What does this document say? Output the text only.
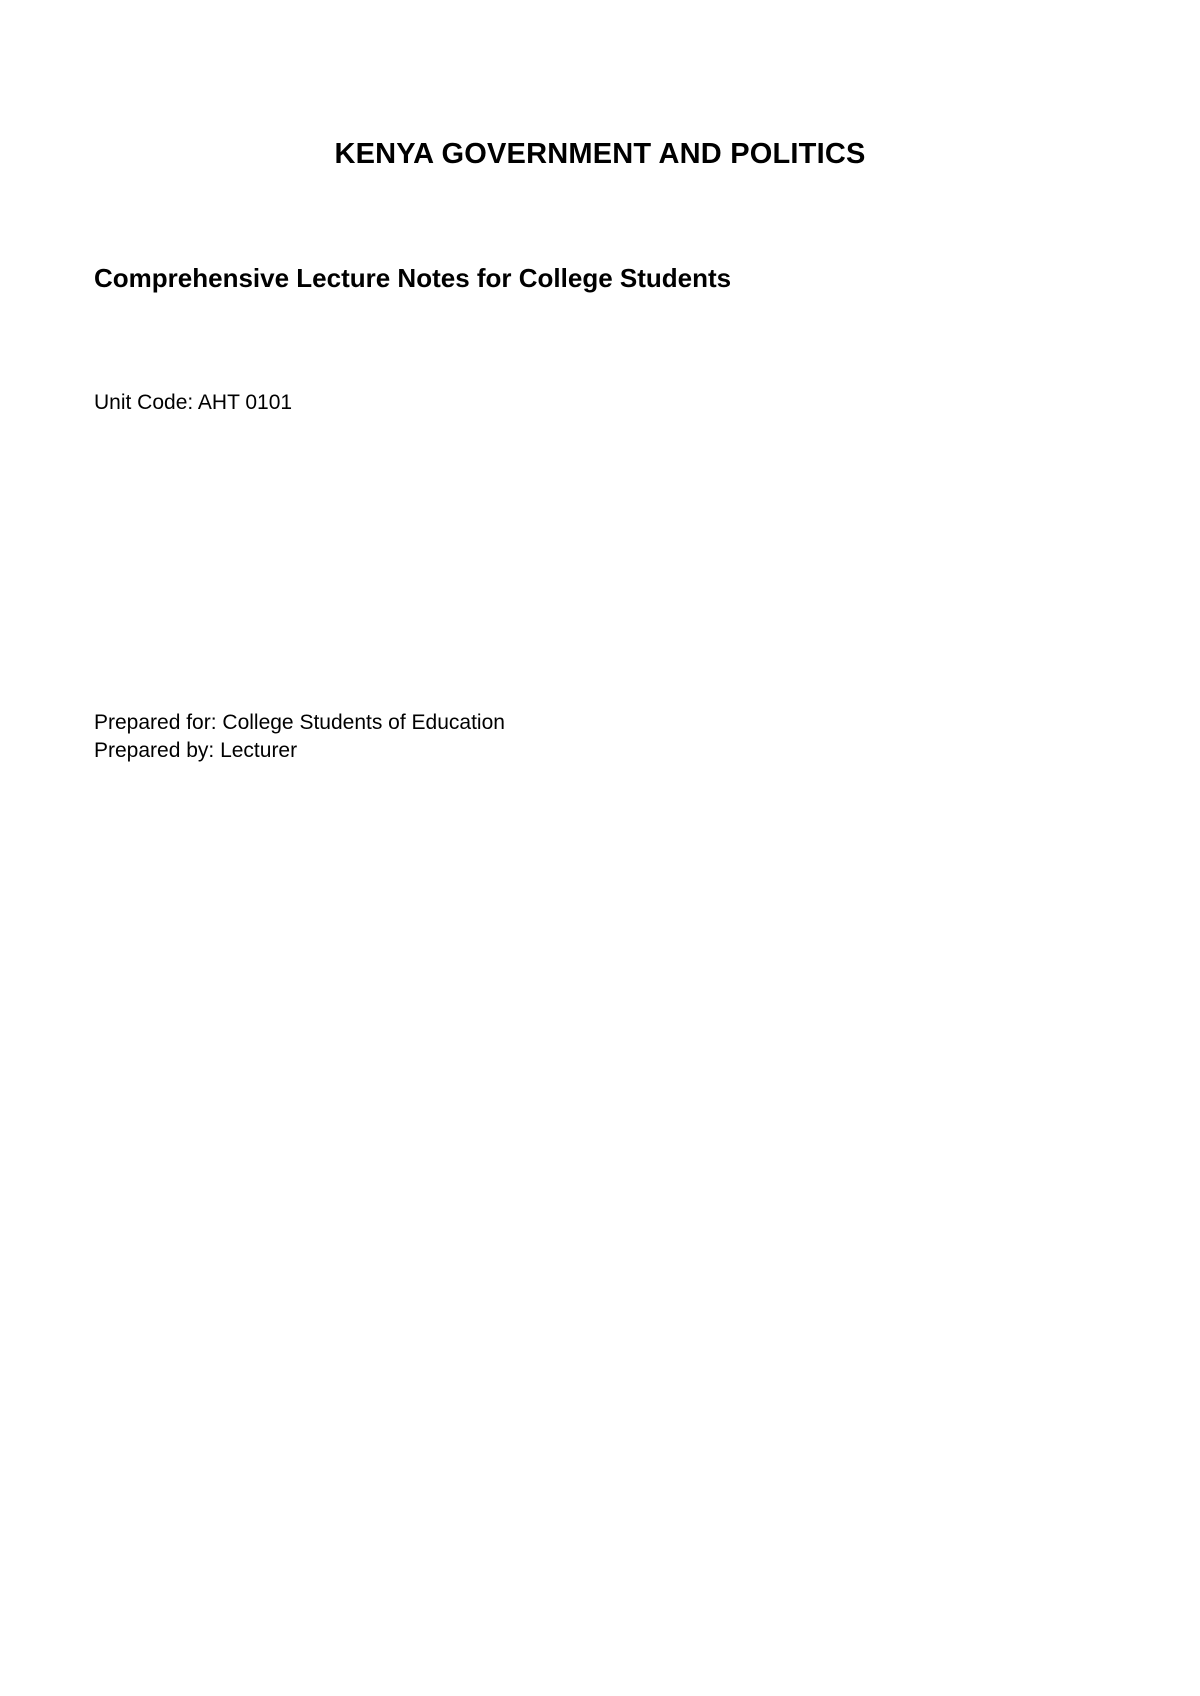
KENYA GOVERNMENT AND POLITICS
Comprehensive Lecture Notes for College Students

Unit Code: AHT 0101

Prepared for: College Students of Education

Prepared by: Lecturer
